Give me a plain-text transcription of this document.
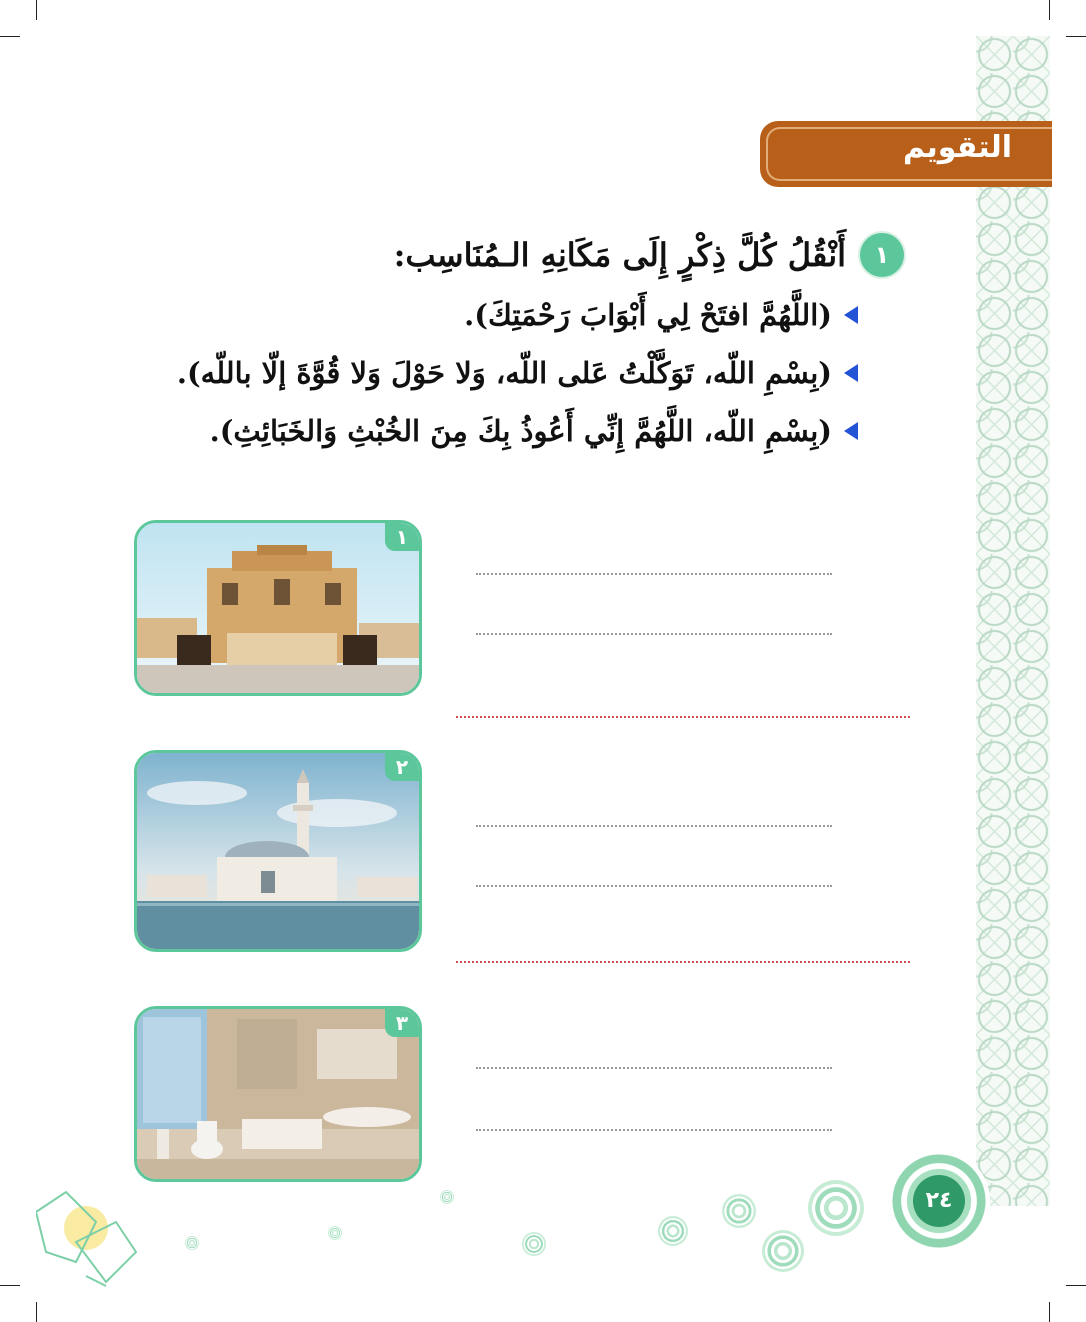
التقويم
١
أَنْقُلُ كُلَّ ذِكْرٍ إِلَى مَكَانِهِ الـمُنَاسِب:
(اللَّهُمَّ افتَحْ لِي أَبْوَابَ رَحْمَتِكَ).
(بِسْمِ اللّه، تَوَكَّلْتُ عَلى اللّه، وَلا حَوْلَ وَلا قُوَّةَ إلّا باللّه).
(بِسْمِ اللّه، اللَّهُمَّ إِنِّي أَعُوذُ بِكَ مِنَ الخُبْثِ وَالخَبَائِثِ).
١
٢
٣
٢٤
